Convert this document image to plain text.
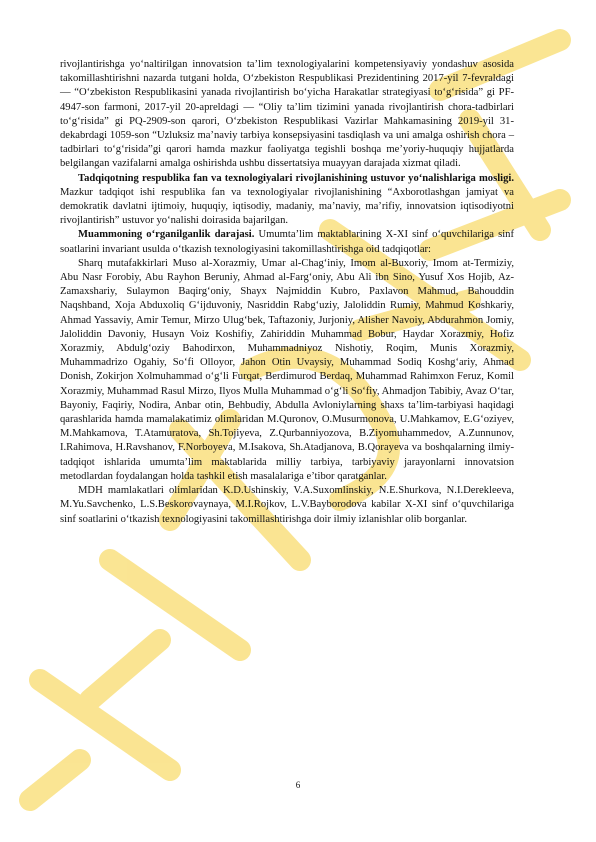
rivojlantirishga yo‘naltirilgan innovatsion ta’lim texnologiyalarini kompetensiyaviy yondashuv asosida takomillashtirishni nazarda tutgani holda, O‘zbekiston Respublikasi Prezidentining 2017-yil 7-fevraldagi — “O‘zbekiston Respublikasini yanada rivojlantirish bo‘yicha Harakatlar strategiyasi to‘g‘risida” gi PF-4947-son farmoni, 2017-yil 20-apreldagi — “Oliy ta’lim tizimini yanada rivojlantirish chora-tadbirlari to‘g‘risida” gi PQ-2909-son qarori, O‘zbekiston Respublikasi Vazirlar Mahkamasining 2019-yil 31-dekabrdagi 1059-son “Uzluksiz ma’naviy tarbiya konsepsiyasini tasdiqlash va uni amalga oshirish chora – tadbirlari to‘g‘risida”gi qarori hamda mazkur faoliyatga tegishli boshqa me’yoriy-huquqiy hujjatlarda belgilangan vazifalarni amalga oshirishda ushbu dissertatsiya muayyan darajada xizmat qiladi.

Tadqiqotning respublika fan va texnologiyalari rivojlanishining ustuvor yo‘nalishlariga mosligi. Mazkur tadqiqot ishi respublika fan va texnologiyalar rivojlanishining “Axborotlashgan jamiyat va demokratik davlatni ijtimoiy, huquqiy, iqtisodiy, madaniy, ma’naviy, ma’rifiy, innovatsion iqtisodiyotni rivojlantirish” ustuvor yo‘nalishi doirasida bajarilgan.

Muammoning o‘rganilganlik darajasi. Umumta’lim maktablarining X-XI sinf o‘quvchilariga sinf soatlarini invariant usulda o‘tkazish texnologiyasini takomillashtirishga oid tadqiqotlar:

Sharq mutafakkirlari Muso al-Xorazmiy, Umar al-Chag‘iniy, Imom al-Buxoriy, Imom at-Termiziy, Abu Nasr Forobiy, Abu Rayhon Beruniy, Ahmad al-Farg‘oniy, Abu Ali ibn Sino, Yusuf Xos Hojib, Az-Zamaxshariy, Sulaymon Baqirg‘oniy, Shayx Najmiddin Kubro, Paxlavon Mahmud, Bahouddin Naqshband, Xoja Abduxoliq G‘ijduvoniy, Nasriddin Rabg‘uziy, Jaloliddin Rumiy, Mahmud Koshkariy, Ahmad Yassaviy, Amir Temur, Mirzo Ulug‘bek, Taftazoniy, Jurjoniy, Alisher Navoiy, Abdurahmon Jomiy, Jaloliddin Davoniy, Husayn Voiz Koshifiy, Zahiriddin Muhammad Bobur, Haydar Xorazmiy, Hofiz Xorazmiy, Abdulg‘oziy Bahodirxon, Muhammadniyoz Nishotiy, Roqim, Munis Xorazmiy, Muhammadrizo Ogahiy, So‘fi Olloyor, Jahon Otin Uvaysiy, Muhammad Sodiq Koshg‘ariy, Ahmad Donish, Zokirjon Xolmuhammad o‘g‘li Furqat, Berdimurod Berdaq, Muhammad Rahimxon Feruz, Komil Xorazmiy, Muhammad Rasul Mirzo, Ilyos Mulla Muhammad o‘g‘li So‘fiy, Ahmadjon Tabibiy, Avaz O‘tar, Bayoniy, Faqiriy, Nodira, Anbar otin, Behbudiy, Abdulla Avloniylarning shaxs ta’lim-tarbiyasi haqidagi qarashlarida hamda mamalakatimiz olimlaridan M.Quronov, O.Musurmonova, U.Mahkamov, E.G‘oziyev, M.Mahkamova, T.Atamuratova, Sh.Tojiyeva, Z.Qurbanniyozova, B.Ziyomuhammedov, A.Zunnunov, I.Rahimova, H.Ravshanov, F.Norboyeva, M.Isakova, Sh.Atadjanova, B.Qorayeva va boshqalarning ilmiy-tadqiqot ishlarida umumta’lim maktablarida milliy tarbiya, tarbiyaviy jarayonlarni innovatsion metodlardan foydalangan holda tashkil etish masalalariga e’tibor qaratganlar.

MDH mamlakatlari olimlaridan K.D.Ushinskiy, V.A.Suxomlinskiy, N.E.Shurkova, N.I.Derekleeva, M.Yu.Savchenko, L.S.Beskorovaynaya, M.I.Rojkov, L.V.Bayborodova kabilar X-XI sinf o‘quvchilariga sinf soatlarini o‘tkazish texnologiyasini takomillashtirishga doir ilmiy izlanishlar olib borganlar.

6
